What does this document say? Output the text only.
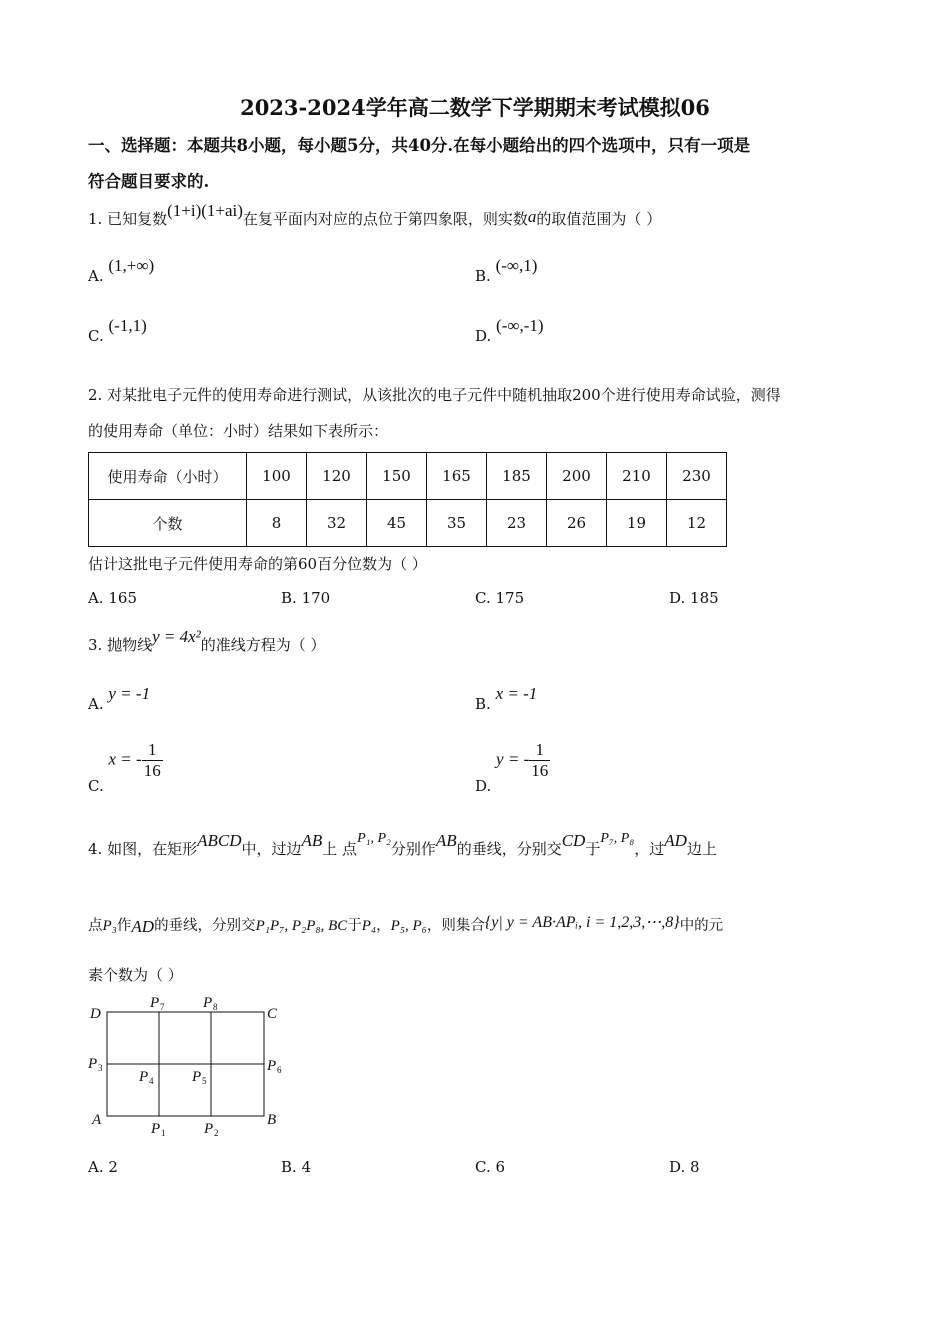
2023-2024学年高二数学下学期期末考试模拟06
一、选择题：本题共8小题，每小题5分，共40分.在每小题给出的四个选项中，只有一项是
符合题目要求的.
1. 已知复数(1+i)(1+ai)在复平面内对应的点位于第四象限，则实数a的取值范围为（ ）
A. (1,+∞)
B. (-∞,1)
C. (-1,1)
D. (-∞,-1)
2. 对某批电子元件的使用寿命进行测试，从该批次的电子元件中随机抽取200个进行使用寿命试验，测得
的使用寿命（单位：小时）结果如下表所示：
使用寿命（小时）	100	120	150	165	185	200	210	230
个数	8	32	45	35	23	26	19	12
估计这批电子元件使用寿命的第60百分位数为（ ）
A. 165	B. 170	C. 175	D. 185
3. 抛物线y = 4x²的准线方程为（ ）
A. y = -1
B. x = -1
C. x = - $\frac{1}{16}$
D. y = - $\frac{1}{16}$
4. 如图，在矩形ABCD中，过边AB上 点P₁, P₂分别作AB的垂线，分别交CD于P₇, P₈，过AD边上
点P₃作AD的垂线，分别交P₁P₇, P₂P₈, BC于P₄，P₅, P₆，则集合{y| y = AB·APᵢ, i = 1,2,3,⋯,8}中的元
素个数为（ ）
D	C
A	B
P 7	P 8
P 3	P 6
P 4	P 5
P 1	P 2
A. 2	B. 4	C. 6	D. 8
